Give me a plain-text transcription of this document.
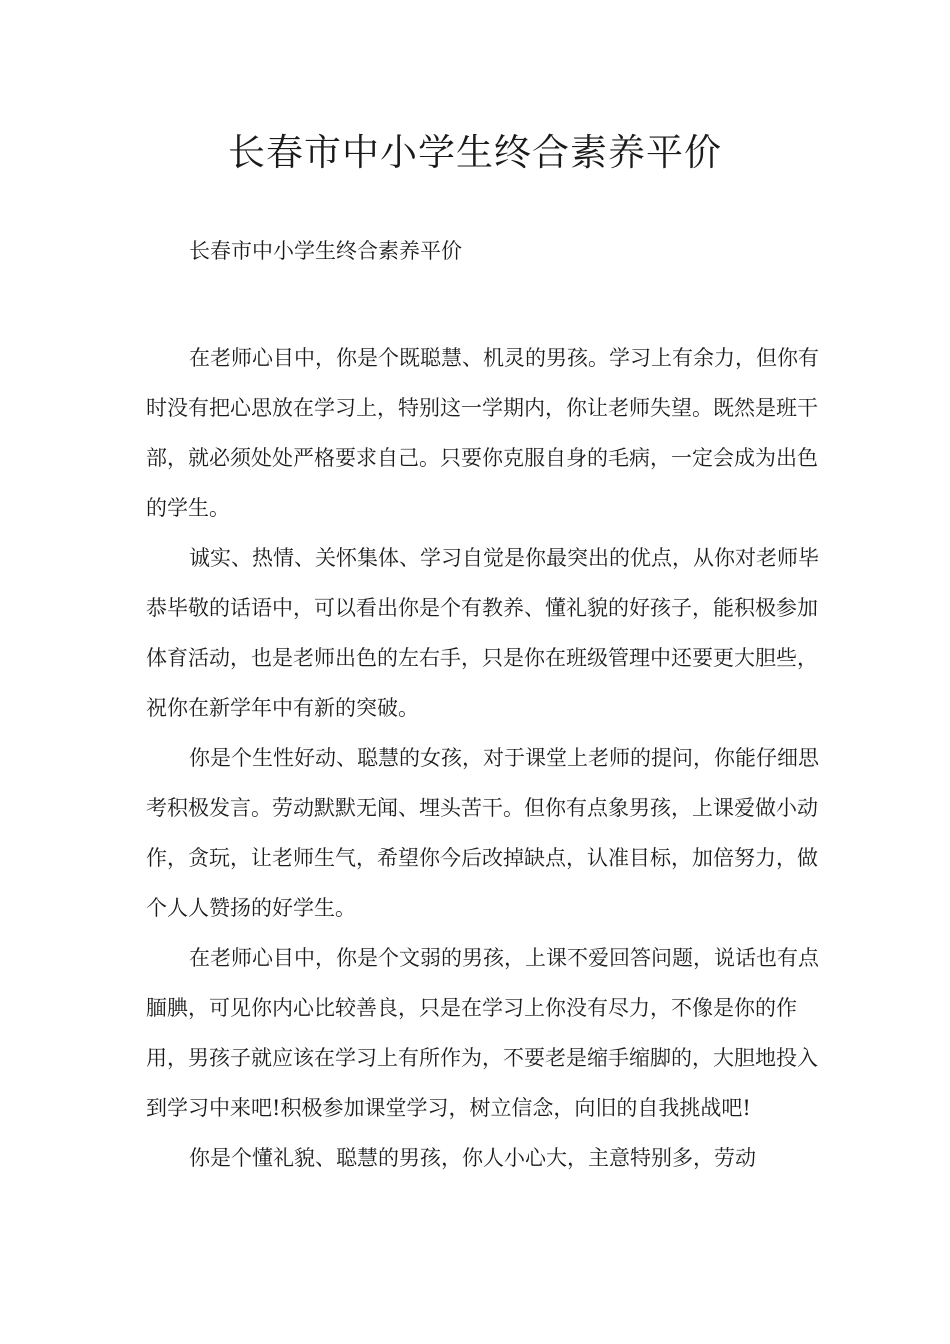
长春市中小学生终合素养平价

长春市中小学生终合素养平价

在老师心目中，你是个既聪慧、机灵的男孩。学习上有余力，但你有时没有把心思放在学习上，特别这一学期内，你让老师失望。既然是班干部，就必须处处严格要求自己。只要你克服自身的毛病，一定会成为出色的学生。

诚实、热情、关怀集体、学习自觉是你最突出的优点，从你对老师毕恭毕敬的话语中，可以看出你是个有教养、懂礼貌的好孩子，能积极参加体育活动，也是老师出色的左右手，只是你在班级管理中还要更大胆些，祝你在新学年中有新的突破。

你是个生性好动、聪慧的女孩，对于课堂上老师的提问，你能仔细思考积极发言。劳动默默无闻、埋头苦干。但你有点象男孩，上课爱做小动作，贪玩，让老师生气，希望你今后改掉缺点，认准目标，加倍努力，做个人人赞扬的好学生。

在老师心目中，你是个文弱的男孩，上课不爱回答问题，说话也有点腼腆，可见你内心比较善良，只是在学习上你没有尽力，不像是你的作用，男孩子就应该在学习上有所作为，不要老是缩手缩脚的，大胆地投入到学习中来吧!积极参加课堂学习，树立信念，向旧的自我挑战吧!

你是个懂礼貌、聪慧的男孩，你人小心大，主意特别多，劳动
